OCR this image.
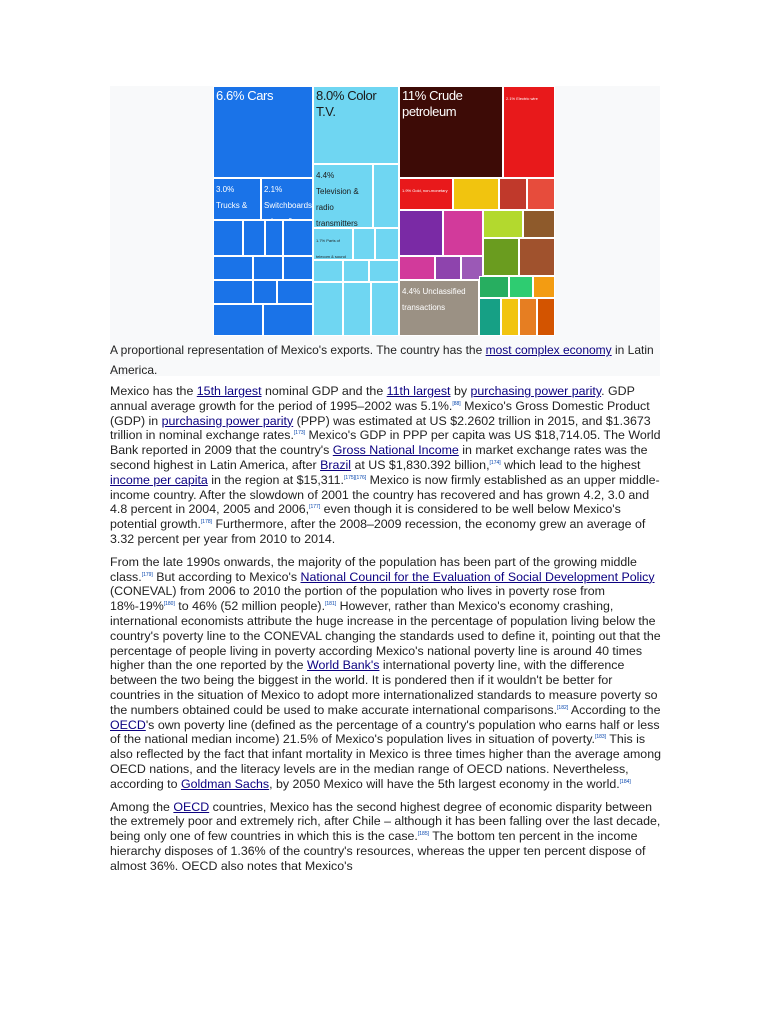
6.6% Cars
3.0% Trucks &
2.1% Switchboards
8.0% Color T.V.
4.4% Television & radio transmitters
1.7% Parts of telecom & sound
11% Crude petroleum
2.1% Electric wire
1.9% Gold, non-monetary
4.4% Unclassified transactions
A proportional representation of Mexico's exports. The country has the most complex economy in Latin America.

Mexico has the 15th largest nominal GDP and the 11th largest by purchasing power parity. GDP annual average growth for the period of 1995–2002 was 5.1%.[88] Mexico's Gross Domestic Product (GDP) in purchasing power parity (PPP) was estimated at US $2.2602 trillion in 2015, and $1.3673 trillion in nominal exchange rates.[173] Mexico's GDP in PPP per capita was US $18,714.05. The World Bank reported in 2009 that the country's Gross National Income in market exchange rates was the second highest in Latin America, after Brazil at US $1,830.392 billion,[174] which lead to the highest income per capita in the region at $15,311.[175][176] Mexico is now firmly established as an upper middle-income country. After the slowdown of 2001 the country has recovered and has grown 4.2, 3.0 and 4.8 percent in 2004, 2005 and 2006,[177] even though it is considered to be well below Mexico's potential growth.[178] Furthermore, after the 2008–2009 recession, the economy grew an average of 3.32 percent per year from 2010 to 2014.

From the late 1990s onwards, the majority of the population has been part of the growing middle class.[179] But according to Mexico's National Council for the Evaluation of Social Development Policy (CONEVAL) from 2006 to 2010 the portion of the population who lives in poverty rose from 18%-19%[180] to 46% (52 million people).[181] However, rather than Mexico's economy crashing, international economists attribute the huge increase in the percentage of population living below the country's poverty line to the CONEVAL changing the standards used to define it, pointing out that the percentage of people living in poverty according Mexico's national poverty line is around 40 times higher than the one reported by the World Bank's international poverty line, with the difference between the two being the biggest in the world. It is pondered then if it wouldn't be better for countries in the situation of Mexico to adopt more internationalized standards to measure poverty so the numbers obtained could be used to make accurate international comparisons.[182] According to the OECD's own poverty line (defined as the percentage of a country's population who earns half or less of the national median income) 21.5% of Mexico's population lives in situation of poverty.[183] This is also reflected by the fact that infant mortality in Mexico is three times higher than the average among OECD nations, and the literacy levels are in the median range of OECD nations. Nevertheless, according to Goldman Sachs, by 2050 Mexico will have the 5th largest economy in the world.[184]

Among the OECD countries, Mexico has the second highest degree of economic disparity between the extremely poor and extremely rich, after Chile – although it has been falling over the last decade, being only one of few countries in which this is the case.[185] The bottom ten percent in the income hierarchy disposes of 1.36% of the country's resources, whereas the upper ten percent dispose of almost 36%. OECD also notes that Mexico's
